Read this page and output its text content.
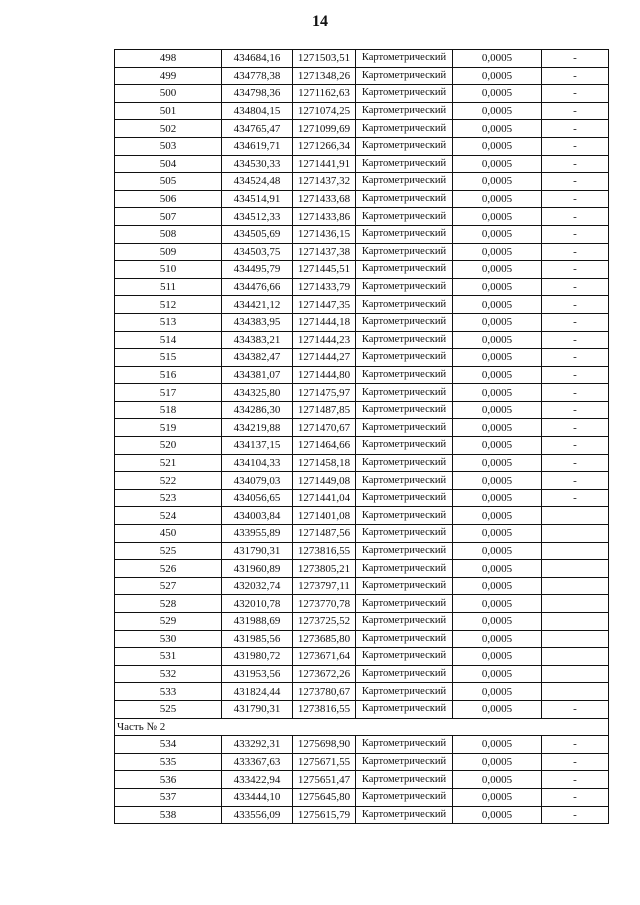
14
498	434684,16	1271503,51	Картометрический	0,0005	-
499	434778,38	1271348,26	Картометрический	0,0005	-
500	434798,36	1271162,63	Картометрический	0,0005	-
501	434804,15	1271074,25	Картометрический	0,0005	-
502	434765,47	1271099,69	Картометрический	0,0005	-
503	434619,71	1271266,34	Картометрический	0,0005	-
504	434530,33	1271441,91	Картометрический	0,0005	-
505	434524,48	1271437,32	Картометрический	0,0005	-
506	434514,91	1271433,68	Картометрический	0,0005	-
507	434512,33	1271433,86	Картометрический	0,0005	-
508	434505,69	1271436,15	Картометрический	0,0005	-
509	434503,75	1271437,38	Картометрический	0,0005	-
510	434495,79	1271445,51	Картометрический	0,0005	-
511	434476,66	1271433,79	Картометрический	0,0005	-
512	434421,12	1271447,35	Картометрический	0,0005	-
513	434383,95	1271444,18	Картометрический	0,0005	-
514	434383,21	1271444,23	Картометрический	0,0005	-
515	434382,47	1271444,27	Картометрический	0,0005	-
516	434381,07	1271444,80	Картометрический	0,0005	-
517	434325,80	1271475,97	Картометрический	0,0005	-
518	434286,30	1271487,85	Картометрический	0,0005	-
519	434219,88	1271470,67	Картометрический	0,0005	-
520	434137,15	1271464,66	Картометрический	0,0005	-
521	434104,33	1271458,18	Картометрический	0,0005	-
522	434079,03	1271449,08	Картометрический	0,0005	-
523	434056,65	1271441,04	Картометрический	0,0005	-
524	434003,84	1271401,08	Картометрический	0,0005	
450	433955,89	1271487,56	Картометрический	0,0005	
525	431790,31	1273816,55	Картометрический	0,0005	
526	431960,89	1273805,21	Картометрический	0,0005	
527	432032,74	1273797,11	Картометрический	0,0005	
528	432010,78	1273770,78	Картометрический	0,0005	
529	431988,69	1273725,52	Картометрический	0,0005	
530	431985,56	1273685,80	Картометрический	0,0005	
531	431980,72	1273671,64	Картометрический	0,0005	
532	431953,56	1273672,26	Картометрический	0,0005	
533	431824,44	1273780,67	Картометрический	0,0005	
525	431790,31	1273816,55	Картометрический	0,0005	-
Часть № 2					
534	433292,31	1275698,90	Картометрический	0,0005	-
535	433367,63	1275671,55	Картометрический	0,0005	-
536	433422,94	1275651,47	Картометрический	0,0005	-
537	433444,10	1275645,80	Картометрический	0,0005	-
538	433556,09	1275615,79	Картометрический	0,0005	-
